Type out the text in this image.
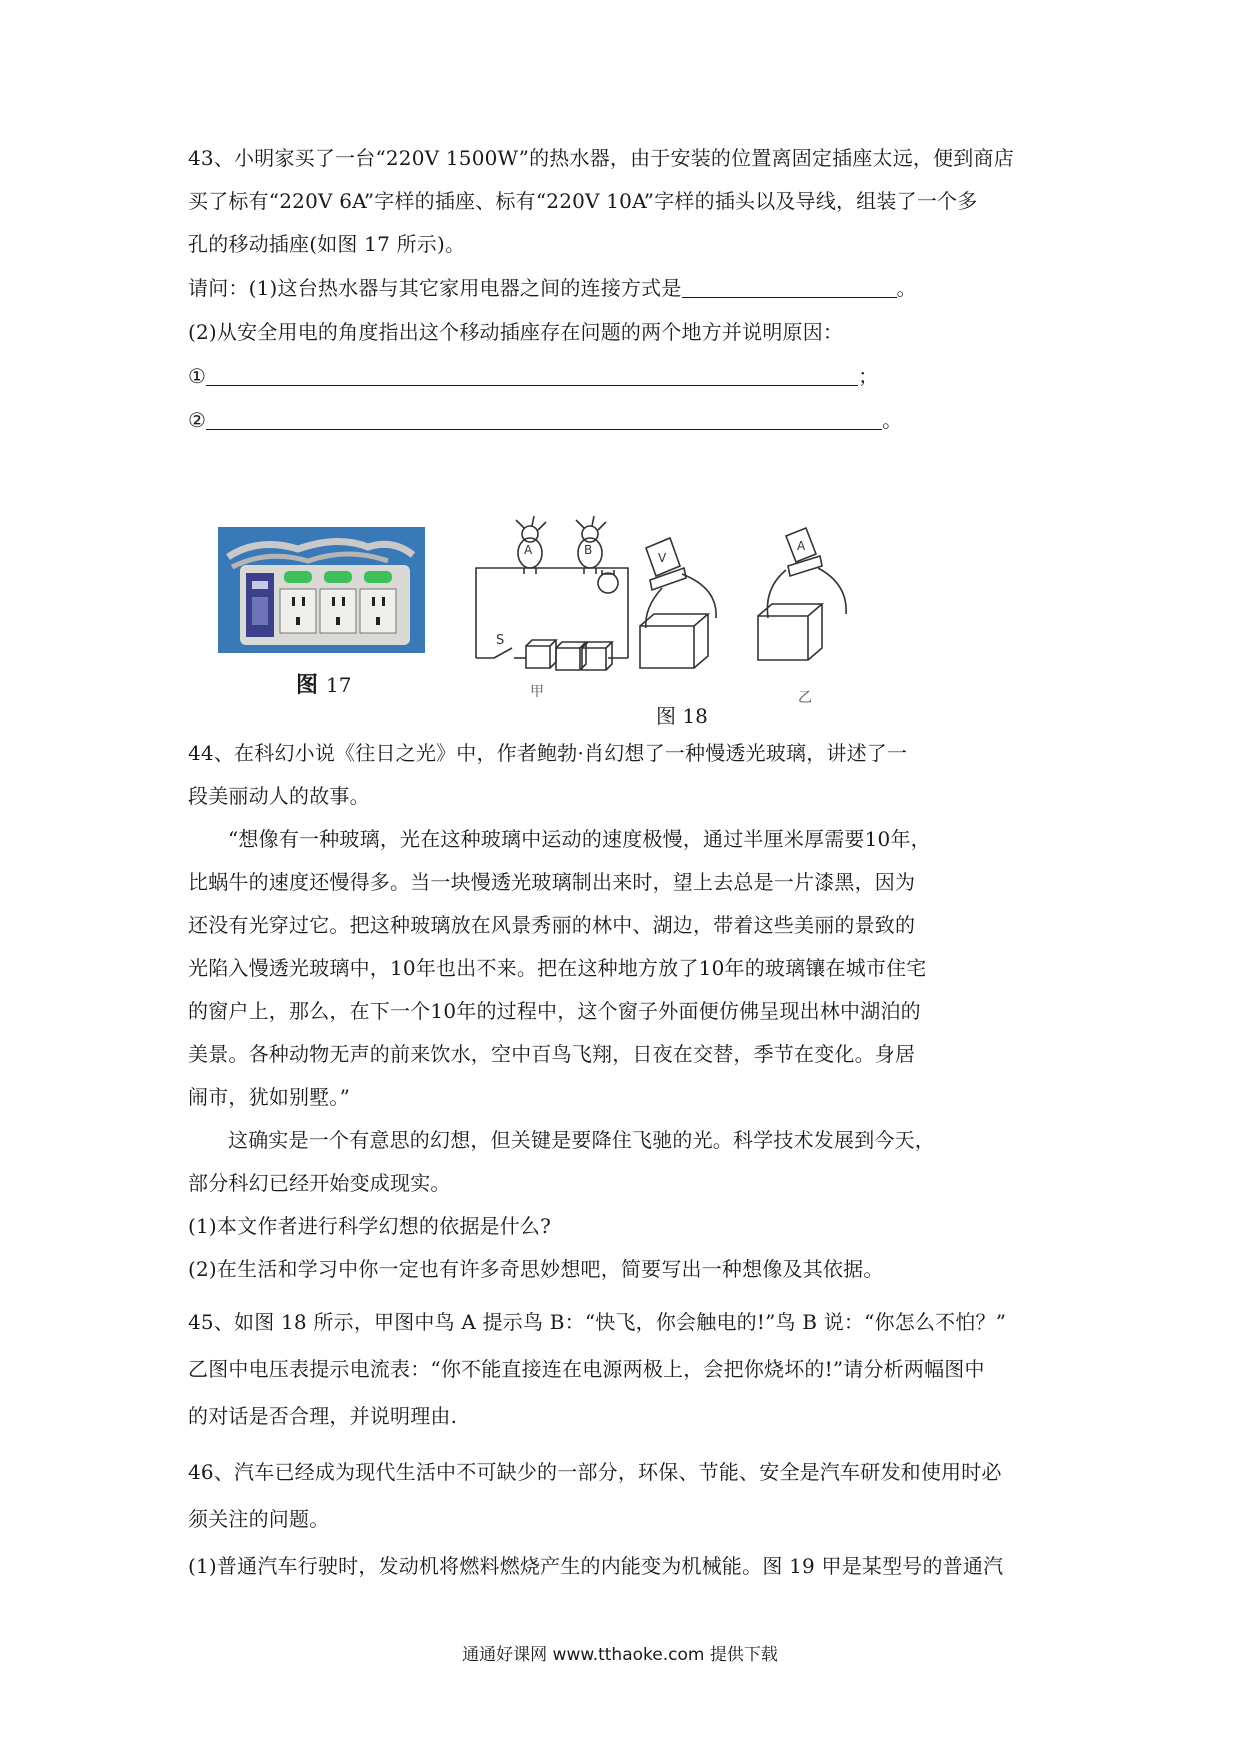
43、小明家买了一台“220V 1500W”的热水器，由于安装的位置离固定插座太远，便到商店
买了标有“220V 6A”字样的插座、标有“220V 10A”字样的插头以及导线，组装了一个多
孔的移动插座(如图 17 所示)。
请问：(1)这台热水器与其它家用电器之间的连接方式是	。
(2)从安全用电的角度指出这个移动插座存在问题的两个地方并说明原因：
①	；
②	。
图 17
A	B
S
V
A
甲	乙
图 18
44、在科幻小说《往日之光》中，作者鲍勃·肖幻想了一种慢透光玻璃，讲述了一
段美丽动人的故事。
“想像有一种玻璃，光在这种玻璃中运动的速度极慢，通过半厘米厚需要10年，
比蜗牛的速度还慢得多。当一块慢透光玻璃制出来时，望上去总是一片漆黑，因为
还没有光穿过它。把这种玻璃放在风景秀丽的林中、湖边，带着这些美丽的景致的
光陷入慢透光玻璃中，10年也出不来。把在这种地方放了10年的玻璃镶在城市住宅
的窗户上，那么，在下一个10年的过程中，这个窗子外面便仿佛呈现出林中湖泊的
美景。各种动物无声的前来饮水，空中百鸟飞翔，日夜在交替，季节在变化。身居
闹市，犹如别墅。”
这确实是一个有意思的幻想，但关键是要降住飞驰的光。科学技术发展到今天，
部分科幻已经开始变成现实。
(1)本文作者进行科学幻想的依据是什么?
(2)在生活和学习中你一定也有许多奇思妙想吧，简要写出一种想像及其依据。
45、如图 18 所示，甲图中鸟 A 提示鸟 B：“快飞，你会触电的!”鸟 B 说：“你怎么不怕？”
乙图中电压表提示电流表：“你不能直接连在电源两极上，会把你烧坏的!”请分析两幅图中
的对话是否合理，并说明理由.
46、汽车已经成为现代生活中不可缺少的一部分，环保、节能、安全是汽车研发和使用时必
须关注的问题。
(1)普通汽车行驶时，发动机将燃料燃烧产生的内能变为机械能。图 19 甲是某型号的普通汽
通通好课网 www.tthaoke.com 提供下载
